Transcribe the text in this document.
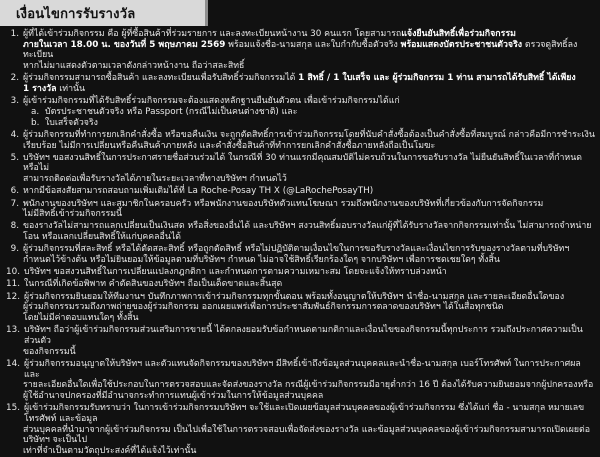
เงื่อนไขการรับรางวัล
1. ผู้ที่ได้เข้าร่วมกิจกรรม คือ ผู้ที่ซื้อสินค้าที่ร่วมรายการ และลงทะเบียนหน้างาน 30 คนแรก โดยสามารถแจ้งยืนยันสิทธิ์เพื่อร่วมกิจกรรม
ภายในเวลา 18.00 น. ของวันที่ 5 พฤษภาคม 2569 พร้อมแจ้งชื่อ-นามสกุล และใบกำกับซื้อตัวจริง พร้อมแสดงบัตรประชาชนตัวจริง ตรวจดูสิทธิ์ลงทะเบียน
หากไม่มาแสดงตัวตามเวลาดังกล่าวหน้างาน ถือว่าสละสิทธิ์
2. ผู้ร่วมกิจกรรมสามารถซื้อสินค้า และลงทะเบียนเพื่อรับสิทธิ์ร่วมกิจกรรมได้ 1 สิทธิ์ / 1 ใบเสร็จ และ ผู้ร่วมกิจกรรม 1 ท่าน สามารถได้รับสิทธิ์ ได้เพียง
1 รางวัล เท่านั้น
3. ผู้เข้าร่วมกิจกรรมที่ได้รับสิทธิ์ร่วมกิจกรรมจะต้องแสดงหลักฐานยืนยันตัวตน เพื่อเข้าร่วมกิจกรรมได้แก่
a. บัตรประชาชนตัวจริง หรือ Passport (กรณีไม่เป็นคนต่างชาติ) และ
b. ใบเสร็จตัวจริง
4. ผู้ร่วมกิจกรรมที่ทำการยกเลิกคำสั่งซื้อ หรือขอคืนเงิน จะถูกตัดสิทธิ์การเข้าร่วมกิจกรรมโดยที่นับคำสั่งซื้อต้องเป็นคำสั่งซื้อที่สมบูรณ์ กล่าวคือมีการชำระเงิน
เรียบร้อย ไม่มีการเปลี่ยนหรือคืนสินค้าภายหลัง และคำสั่งซื้อสินค้าที่ทำการยกเลิกคำสั่งซื้อภายหลังถือเป็นโมฆะ
5. บริษัทฯ ขอสงวนสิทธิ์ในการประกาศรายชื่อส่วนร่วมได้ ในกรณีที่ 30 ท่านแรกมีคุณสมบัติไม่ครบถ้วนในการขอรับรางวัล ไม่ยืนยันสิทธิ์ในเวลาที่กำหนด หรือไม่
สามารถติดต่อเพื่อรับรางวัลได้ภายในระยะเวลาที่ทางบริษัทฯ กำหนดไว้
6. หากมีข้อสงสัยสามารถสอบถามเพิ่มเติมได้ที่ La Roche-Posay TH X (@LaRochePosayTH)
7. พนักงานของบริษัทฯ และสมาชิกในครอบครัว หรือพนักงานของบริษัทตัวแทนโฆษณา รวมถึงพนักงานของบริษัทที่เกี่ยวข้องกับการจัดกิจกรรม
ไม่มีสิทธิ์เข้าร่วมกิจกรรมนี้
8. ของรางวัลไม่สามารถแลกเปลี่ยนเป็นเงินสด หรือสิ่งของอื่นได้ และบริษัทฯ สงวนสิทธิ์มอบรางวัลแก่ผู้ที่ได้รับรางวัลจากกิจกรรมเท่านั้น ไม่สามารถจำหน่าย
โอน หรือแลกเปลี่ยนสิทธิ์ให้แก่บุคคลอื่นได้
9. ผู้ร่วมกิจกรรมที่สละสิทธิ์ หรือได้ตัดสละสิทธิ์ หรือถูกตัดสิทธิ์ หรือไม่ปฏิบัติตามเงื่อนไขในการขอรับรางวัลและเงื่อนไขการรับของรางวัลตามที่บริษัทฯ
กำหนดไว้ข้างต้น หรือไม่ยินยอมให้ข้อมูลตามที่บริษัทฯ กำหนด ไม่อาจใช้สิทธิ์เรียกร้องใดๆ จากบริษัทฯ เพื่อการชดเชยใดๆ ทั้งสิ้น
10. บริษัทฯ ขอสงวนสิทธิ์ในการเปลี่ยนแปลงกฎกติกา และกำหนดการตามความเหมาะสม โดยจะแจ้งให้ทราบล่วงหน้า
11. ในกรณีที่เกิดข้อพิพาท คำตัดสินของบริษัทฯ ถือเป็นเด็ดขาดและสิ้นสุด
12. ผู้ร่วมกิจกรรมยินยอมให้ทีมงานฯ บันทึกภาพการเข้าร่วมกิจกรรมทุกขั้นตอน พร้อมทั้งอนุญาตให้บริษัทฯ นำชื่อ-นามสกุล และรายละเอียดอื่นใดของ
ผู้ร่วมกิจกรรมรวมถึงภาพถ่ายของผู้ร่วมกิจกรรม ออกเผยแพร่เพื่อการประชาสัมพันธ์กิจกรรมการตลาดของบริษัทฯ ได้ในสื่อทุกชนิด
โดยไม่มีค่าตอบแทนใดๆ ทั้งสิ้น
13. บริษัทฯ ถือว่าผู้เข้าร่วมกิจกรรมส่วนเสริมการขายนี้ ได้ตกลงยอมรับข้อกำหนดตามกติกาและเงื่อนไขของกิจกรรมนี้ทุกประการ รวมถึงประกาศความเป็นส่วนตัว
ของกิจกรรมนี้
14. ผู้ร่วมกิจกรรมอนุญาตให้บริษัทฯ และตัวแทนจัดกิจกรรมของบริษัทฯ มีสิทธิ์เข้าถึงข้อมูลส่วนบุคคลและนำชื่อ-นามสกุล เบอร์โทรศัพท์ ในการประกาศผล และ
รายละเอียดอื่นใดเพื่อใช้ประกอบในการตรวจสอบและจัดส่งของรางวัล กรณีผู้เข้าร่วมกิจกรรมมีอายุต่ำกว่า 16 ปี ต้องได้รับความยินยอมจากผู้ปกครองหรือ
ผู้ใช้อำนาจปกครองที่มีอำนาจกระทำการแทนผู้เข้าร่วมในการให้ข้อมูลส่วนบุคคล
15. ผู้เข้าร่วมกิจกรรมรับทราบว่า ในการเข้าร่วมกิจกรรมบริษัทฯ จะใช้และเปิดเผยข้อมูลส่วนบุคคลของผู้เข้าร่วมกิจกรรม ซึ่งได้แก่ ชื่อ - นามสกุล หมายเลขโทรศัพท์ และข้อมูล
ส่วนบุคคลที่นำมาจากผู้เข้าร่วมกิจกรรม เป็นไปเพื่อใช้ในการตรวจสอบเพื่อจัดส่งของรางวัล และข้อมูลส่วนบุคคลของผู้เข้าร่วมกิจกรรมสามารถเปิดเผยต่อบริษัทฯ จะเป็นไป
เท่าที่จำเป็นตามวัตถุประสงค์ที่ได้แจ้งไว้เท่านั้น
